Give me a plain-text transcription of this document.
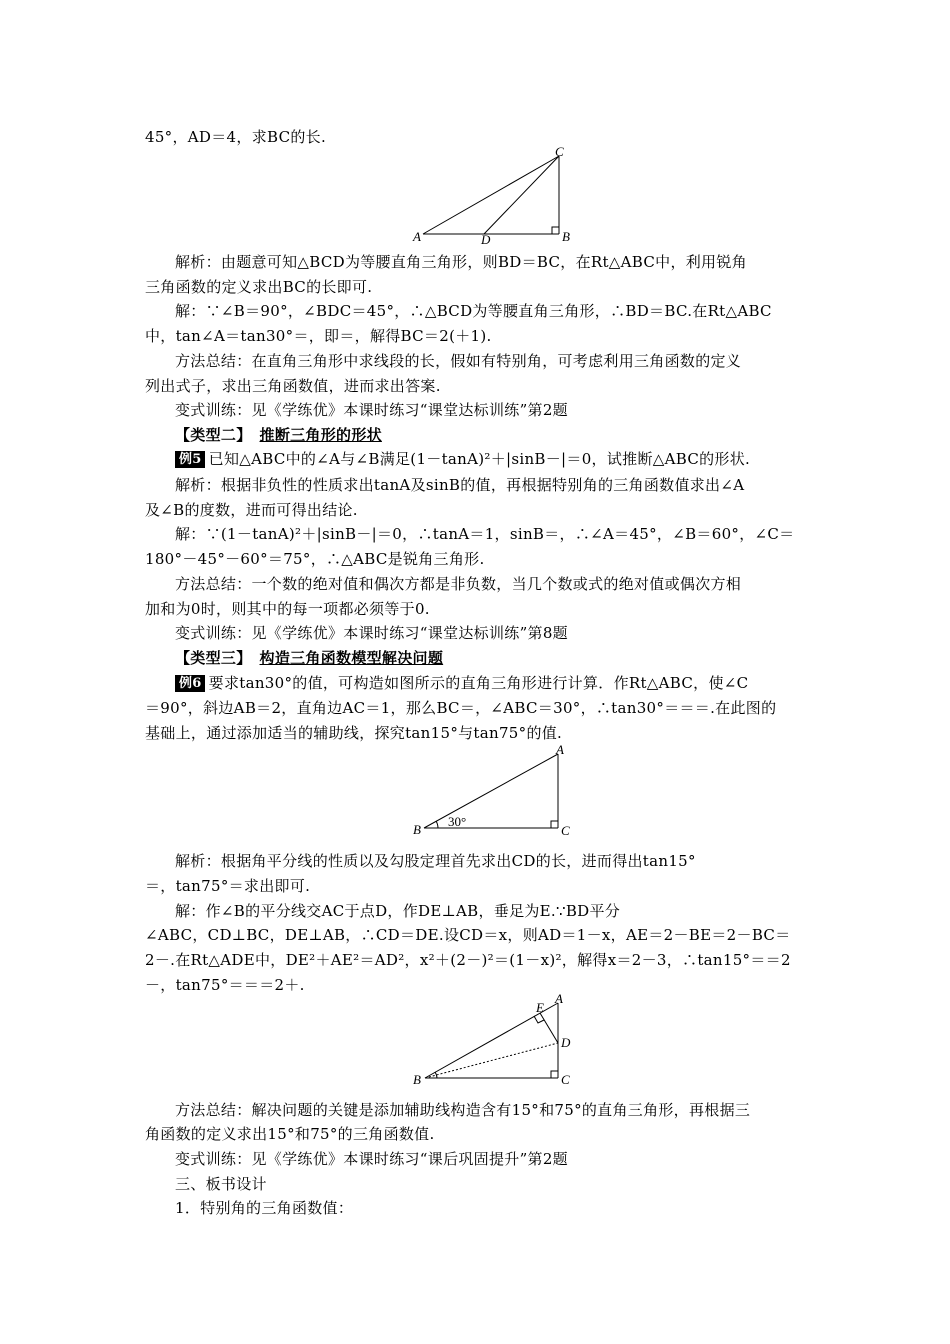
45°，AD＝4，求BC的长.

A	B
C
D

解析：由题意可知△BCD为等腰直角三角形，则BD＝BC，在Rt△ABC中，利用锐角

三角函数的定义求出BC的长即可.

解：∵∠B＝90°，∠BDC＝45°，∴△BCD为等腰直角三角形，∴BD＝BC.在Rt△ABC

中，tan∠A＝tan30°＝，即＝，解得BC＝2(＋1).

方法总结：在直角三角形中求线段的长，假如有特别角，可考虑利用三角函数的定义

列出式子，求出三角函数值，进而求出答案.

变式训练：见《学练优》本课时练习“课堂达标训练”第2题

【类型二】 推断三角形的形状

例5 已知△ABC中的∠A与∠B满足(1－tanA)²＋|sinB－|＝0，试推断△ABC的形状.

解析：根据非负性的性质求出tanA及sinB的值，再根据特别角的三角函数值求出∠A

及∠B的度数，进而可得出结论.

解：∵(1－tanA)²＋|sinB－|＝0，∴tanA＝1，sinB＝，∴∠A＝45°，∠B＝60°，∠C＝

180°－45°－60°＝75°，∴△ABC是锐角三角形.

方法总结：一个数的绝对值和偶次方都是非负数，当几个数或式的绝对值或偶次方相

加和为0时，则其中的每一项都必须等于0.

变式训练：见《学练优》本课时练习“课堂达标训练”第8题

【类型三】 构造三角函数模型解决问题

例6 要求tan30°的值，可构造如图所示的直角三角形进行计算．作Rt△ABC，使∠C

＝90°，斜边AB＝2，直角边AC＝1，那么BC＝，∠ABC＝30°，∴tan30°＝＝＝.在此图的

基础上，通过添加适当的辅助线，探究tan15°与tan75°的值.

B	C
A
30°

解析：根据角平分线的性质以及勾股定理首先求出CD的长，进而得出tan15°

＝，tan75°＝求出即可.

解：作∠B的平分线交AC于点D，作DE⊥AB，垂足为E.∵BD平分

∠ABC，CD⊥BC，DE⊥AB，∴CD＝DE.设CD＝x，则AD＝1－x，AE＝2－BE＝2－BC＝

2－.在Rt△ADE中，DE²＋AE²＝AD²，x²＋(2－)²＝(1－x)²，解得x＝2－3，∴tan15°＝＝2

－，tan75°＝＝＝2＋.

B	C
A
D
E

方法总结：解决问题的关键是添加辅助线构造含有15°和75°的直角三角形，再根据三

角函数的定义求出15°和75°的三角函数值.

变式训练：见《学练优》本课时练习“课后巩固提升”第2题

三、板书设计

1．特别角的三角函数值：
